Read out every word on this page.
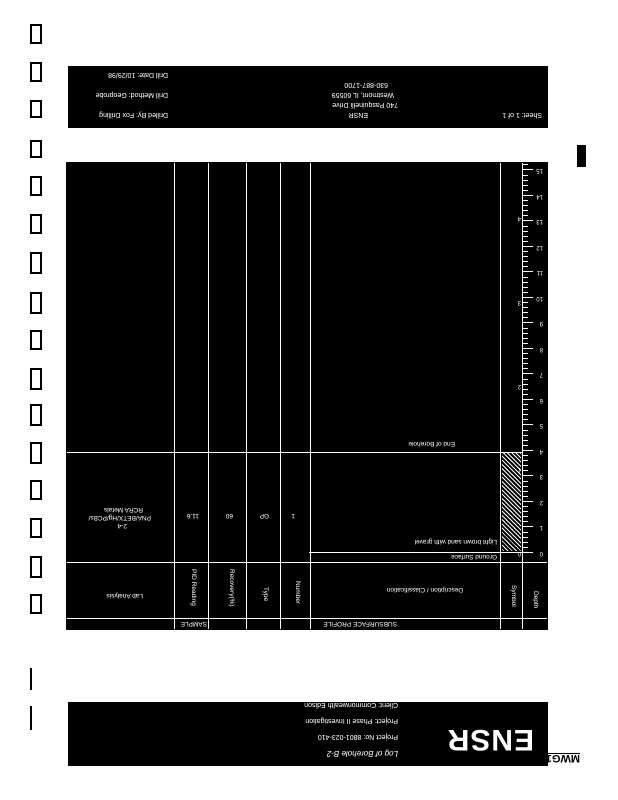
ENSR
Log of Borehole B-2
Project No: 8801-023-410
Project: Phase II Investigation
Client: Commonwealth Edison
SUBSURFACE PROFILE
SAMPLE
Depth
Symbol
Description / Classification
Number
Type
Recovery(%)
PID Reading
Lab Analysis
Ground Surface
Light brown sand with gravel
1
GP
60
11.6
2-4
PNA/BETX/Hg/PCBs/
RCRA Metals
End of Borehole
0
1
2
3
4
5
6
7
8
9
10
11
12
13
14
15
16
0
1
2
3
4
Sheet: 1 of 1
ENSR
740 Pasquinelli Drive
Westmont, IL 60559
630-887-1700
Drilled By: Fox Drilling
Drill Method: Geoprobe
Drill Date: 10/29/98
MWG13-15_45622
